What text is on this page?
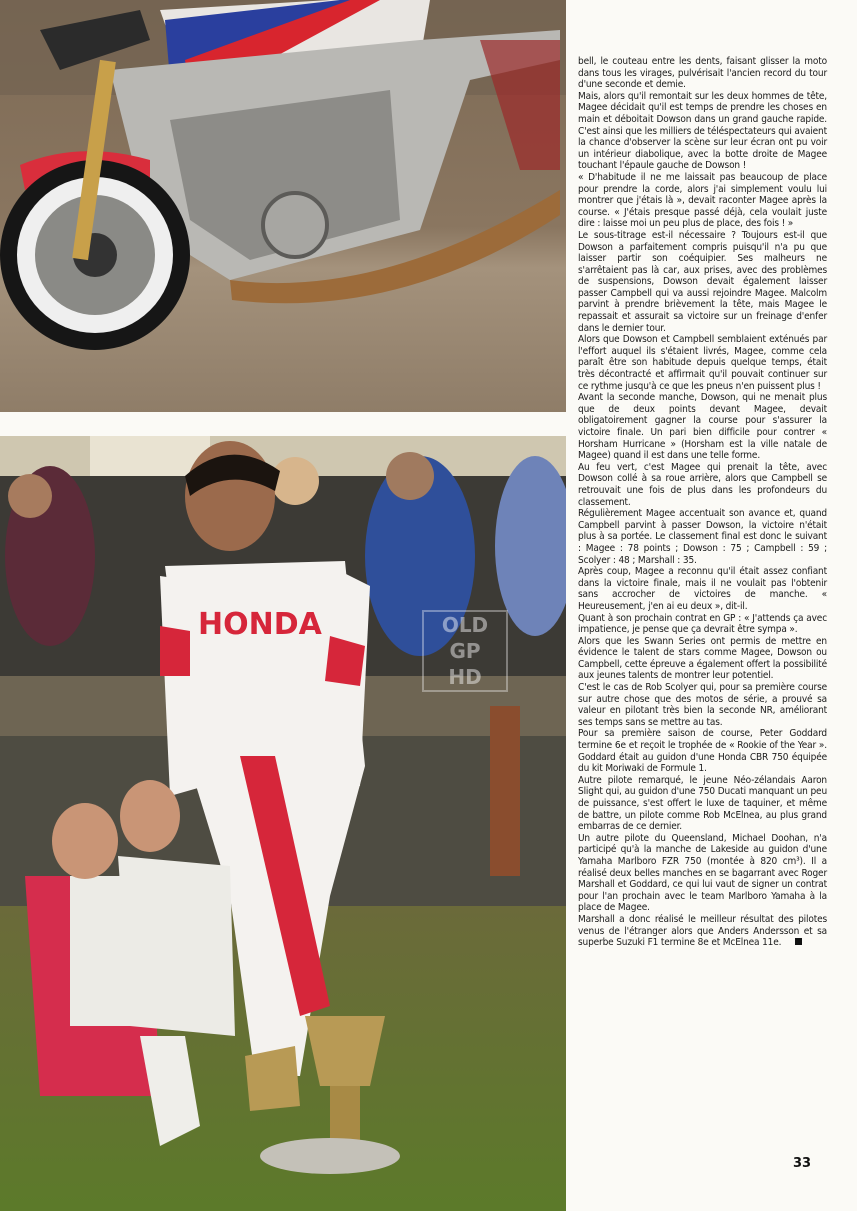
HONDA	OLD
GP
HD

bell, le couteau entre les dents, faisant glisser la moto dans tous les virages, pulvérisait l'ancien record du tour d'une seconde et demie.

Mais, alors qu'il remontait sur les deux hommes de tête, Magee décidait qu'il est temps de prendre les choses en main et déboitait Dowson dans un grand gauche rapide. C'est ainsi que les milliers de téléspectateurs qui avaient la chance d'observer la scène sur leur écran ont pu voir un intérieur diabolique, avec la botte droite de Magee touchant l'épaule gauche de Dowson !

« D'habitude il ne me laissait pas beaucoup de place pour prendre la corde, alors j'ai simplement voulu lui montrer que j'étais là », devait raconter Magee après la course. « J'étais presque passé déjà, cela voulait juste dire : laisse moi un peu plus de place, des fois ! »

Le sous-titrage est-il nécessaire ? Toujours est-il que Dowson a parfaitement compris puisqu'il n'a pu que laisser partir son coéquipier. Ses malheurs ne s'arrêtaient pas là car, aux prises, avec des problèmes de suspensions, Dowson devait également laisser passer Campbell qui va aussi rejoindre Magee. Malcolm parvint à prendre brièvement la tête, mais Magee le repassait et assurait sa victoire sur un freinage d'enfer dans le dernier tour.

Alors que Dowson et Campbell semblaient exténués par l'effort auquel ils s'étaient livrés, Magee, comme cela paraît être son habitude depuis quelque temps, était très décontracté et affirmait qu'il pouvait continuer sur ce rythme jusqu'à ce que les pneus n'en puissent plus !

Avant la seconde manche, Dowson, qui ne menait plus que de deux points devant Magee, devait obligatoirement gagner la course pour s'assurer la victoire finale. Un pari bien difficile pour contrer « Horsham Hurricane » (Horsham est la ville natale de Magee) quand il est dans une telle forme.

Au feu vert, c'est Magee qui prenait la tête, avec Dowson collé à sa roue arrière, alors que Campbell se retrouvait une fois de plus dans les profondeurs du classement.

Régulièrement Magee accentuait son avance et, quand Campbell parvint à passer Dowson, la victoire n'était plus à sa portée. Le classement final est donc le suivant : Magee : 78 points ; Dowson : 75 ; Campbell : 59 ; Scolyer : 48 ; Marshall : 35.

Après coup, Magee a reconnu qu'il était assez confiant dans la victoire finale, mais il ne voulait pas l'obtenir sans accrocher de victoires de manche. « Heureusement, j'en ai eu deux », dit-il.

Quant à son prochain contrat en GP : « J'attends ça avec impatience, je pense que ça devrait être sympa ».

Alors que les Swann Series ont permis de mettre en évidence le talent de stars comme Magee, Dowson ou Campbell, cette épreuve a également offert la possibilité aux jeunes talents de montrer leur potentiel.

C'est le cas de Rob Scolyer qui, pour sa première course sur autre chose que des motos de série, a prouvé sa valeur en pilotant très bien la seconde NR, améliorant ses temps sans se mettre au tas.

Pour sa première saison de course, Peter Goddard termine 6e et reçoit le trophée de « Rookie of the Year ». Goddard était au guidon d'une Honda CBR 750 équipée du kit Moriwaki de Formule 1.

Autre pilote remarqué, le jeune Néo-zélandais Aaron Slight qui, au guidon d'une 750 Ducati manquant un peu de puissance, s'est offert le luxe de taquiner, et même de battre, un pilote comme Rob McElnea, au plus grand embarras de ce dernier.

Un autre pilote du Queensland, Michael Doohan, n'a participé qu'à la manche de Lakeside au guidon d'une Yamaha Marlboro FZR 750 (montée à 820 cm³). Il a réalisé deux belles manches en se bagarrant avec Roger Marshall et Goddard, ce qui lui vaut de signer un contrat pour l'an prochain avec le team Marlboro Yamaha à la place de Magee.

Marshall a donc réalisé le meilleur résultat des pilotes venus de l'étranger alors que Anders Andersson et sa superbe Suzuki F1 termine 8e et McElnea 11e.

33
